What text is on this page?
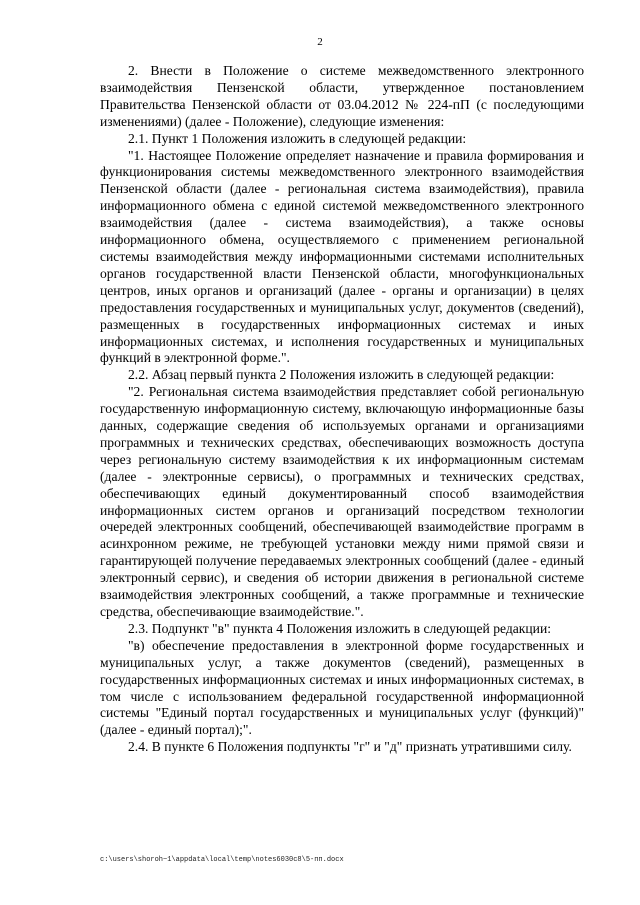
2

2. Внести в Положение о системе межведомственного электронного взаимодействия Пензенской области, утвержденное постановлением Правительства Пензенской области от 03.04.2012 № 224-пП (с последующими изменениями) (далее - Положение), следующие изменения:

2.1. Пункт 1 Положения изложить в следующей редакции:

"1. Настоящее Положение определяет назначение и правила формирования и функционирования системы межведомственного электронного взаимодействия Пензенской области (далее - региональная система взаимодействия), правила информационного обмена с единой системой межведомственного электронного взаимодействия (далее - система взаимодействия), а также основы информационного обмена, осуществляемого с применением региональной системы взаимодействия между информационными системами исполнительных органов государственной власти Пензенской области, многофункциональных центров, иных органов и организаций (далее - органы и организации) в целях предоставления государственных и муниципальных услуг, документов (сведений), размещенных в государственных информационных системах и иных информационных системах, и исполнения государственных и муниципальных функций в электронной форме.".

2.2. Абзац первый пункта 2 Положения изложить в следующей редакции:

"2. Региональная система взаимодействия представляет собой региональную государственную информационную систему, включающую информационные базы данных, содержащие сведения об используемых органами и организациями программных и технических средствах, обеспечивающих возможность доступа через региональную систему взаимодействия к их информационным системам (далее - электронные сервисы), о программных и технических средствах, обеспечивающих единый документированный способ взаимодействия информационных систем органов и организаций посредством технологии очередей электронных сообщений, обеспечивающей взаимодействие программ в асинхронном режиме, не требующей установки между ними прямой связи и гарантирующей получение передаваемых электронных сообщений (далее - единый электронный сервис), и сведения об истории движения в региональной системе взаимодействия электронных сообщений, а также программные и технические средства, обеспечивающие взаимодействие.".

2.3. Подпункт "в" пункта 4 Положения изложить в следующей редакции:

"в) обеспечение предоставления в электронной форме государственных и муниципальных услуг, а также документов (сведений), размещенных в государственных информационных системах и иных информационных системах, в том числе с использованием федеральной государственной информационной системы "Единый портал государственных и муниципальных услуг (функций)" (далее - единый портал);".

2.4. В пункте 6 Положения подпункты "г" и "д" признать утратившими силу.

c:\users\shoroh~1\appdata\local\temp\notes6030c8\5-пп.docx
